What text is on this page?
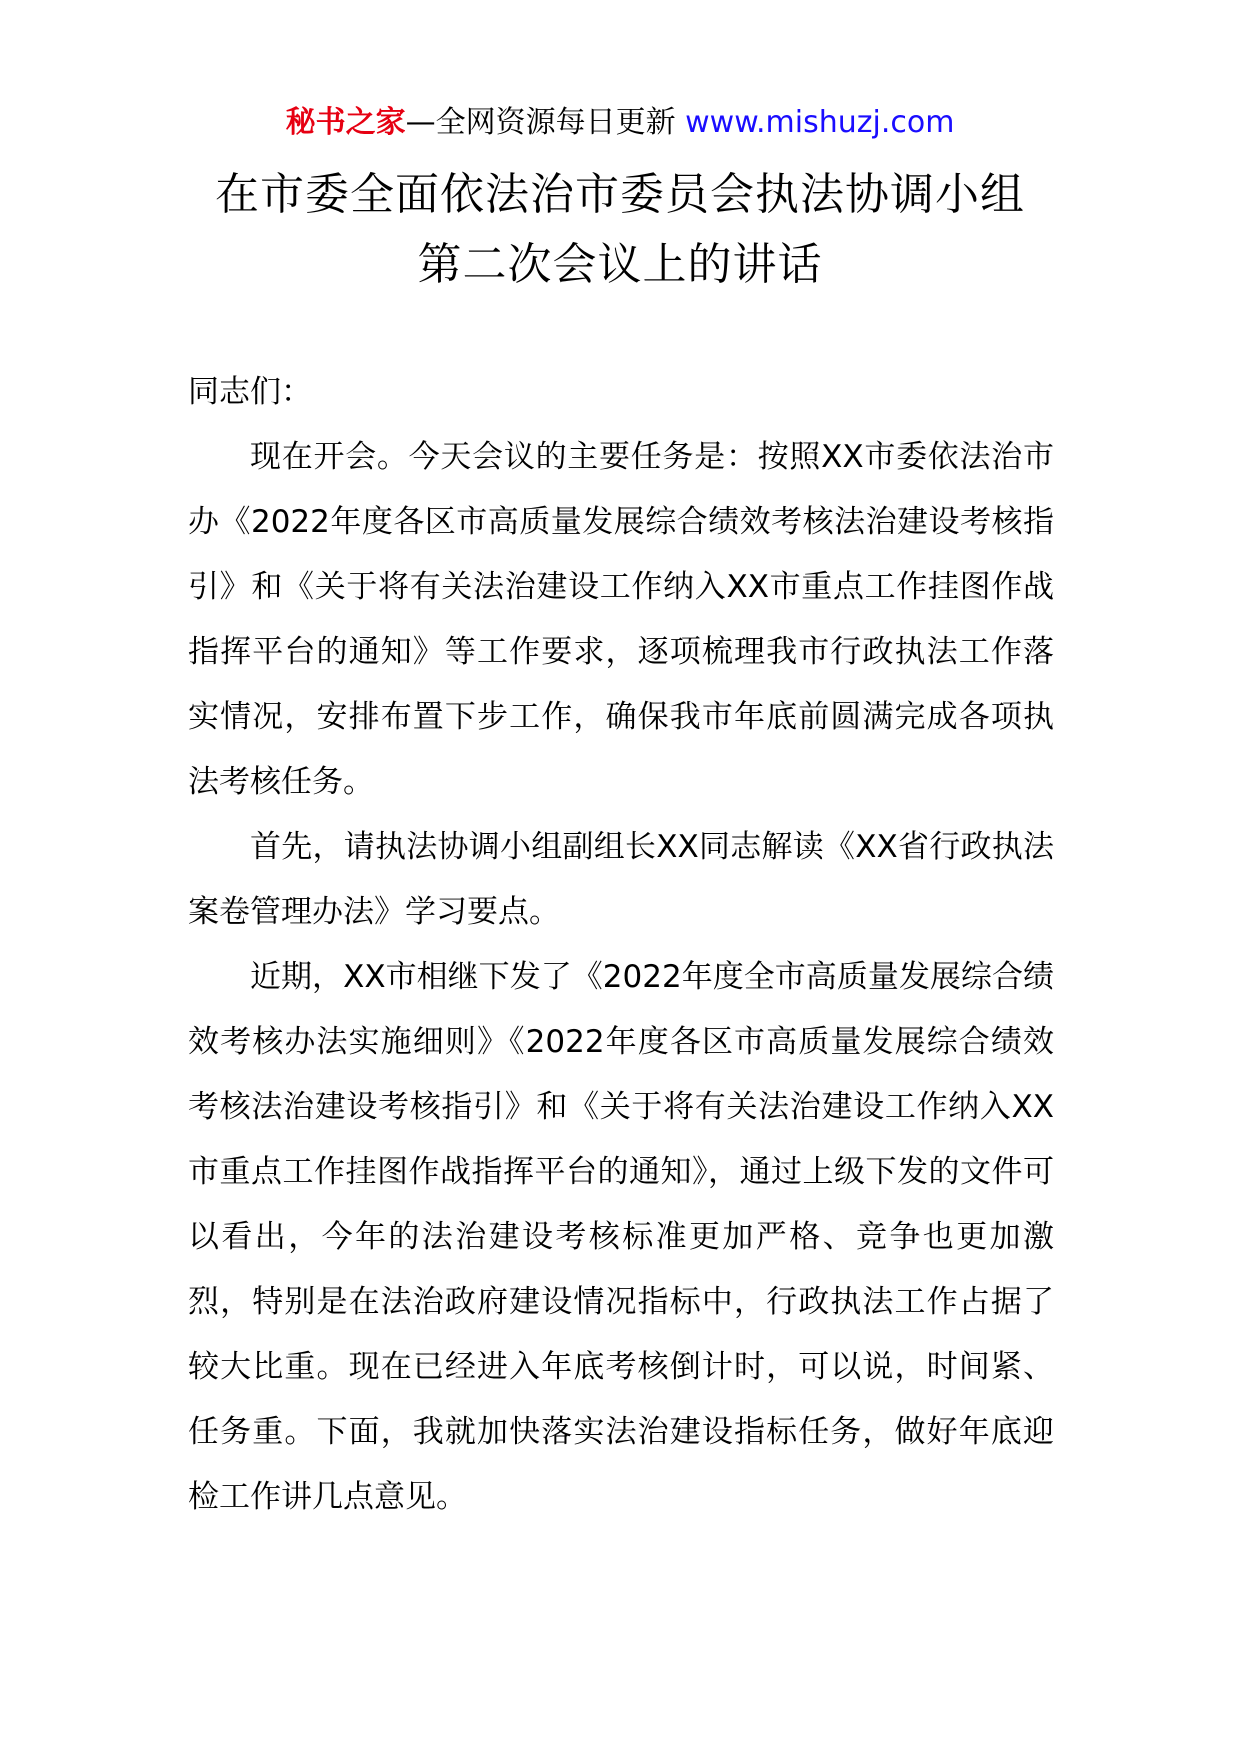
秘书之家—全网资源每日更新 www.mishuzj.com
在市委全面依法治市委员会执法协调小组
第二次会议上的讲话

同志们：

现在开会。今天会议的主要任务是：按照XX市委依法治市办《2022年度各区市高质量发展综合绩效考核法治建设考核指引》和《关于将有关法治建设工作纳入XX市重点工作挂图作战指挥平台的通知》等工作要求，逐项梳理我市行政执法工作落实情况，安排布置下步工作，确保我市年底前圆满完成各项执法考核任务。

首先，请执法协调小组副组长XX同志解读《XX省行政执法案卷管理办法》学习要点。

近期，XX市相继下发了《2022年度全市高质量发展综合绩效考核办法实施细则》《2022年度各区市高质量发展综合绩效考核法治建设考核指引》和《关于将有关法治建设工作纳入XX市重点工作挂图作战指挥平台的通知》，通过上级下发的文件可以看出，今年的法治建设考核标准更加严格、竞争也更加激烈，特别是在法治政府建设情况指标中，行政执法工作占据了较大比重。现在已经进入年底考核倒计时，可以说，时间紧、任务重。下面，我就加快落实法治建设指标任务，做好年底迎检工作讲几点意见。
